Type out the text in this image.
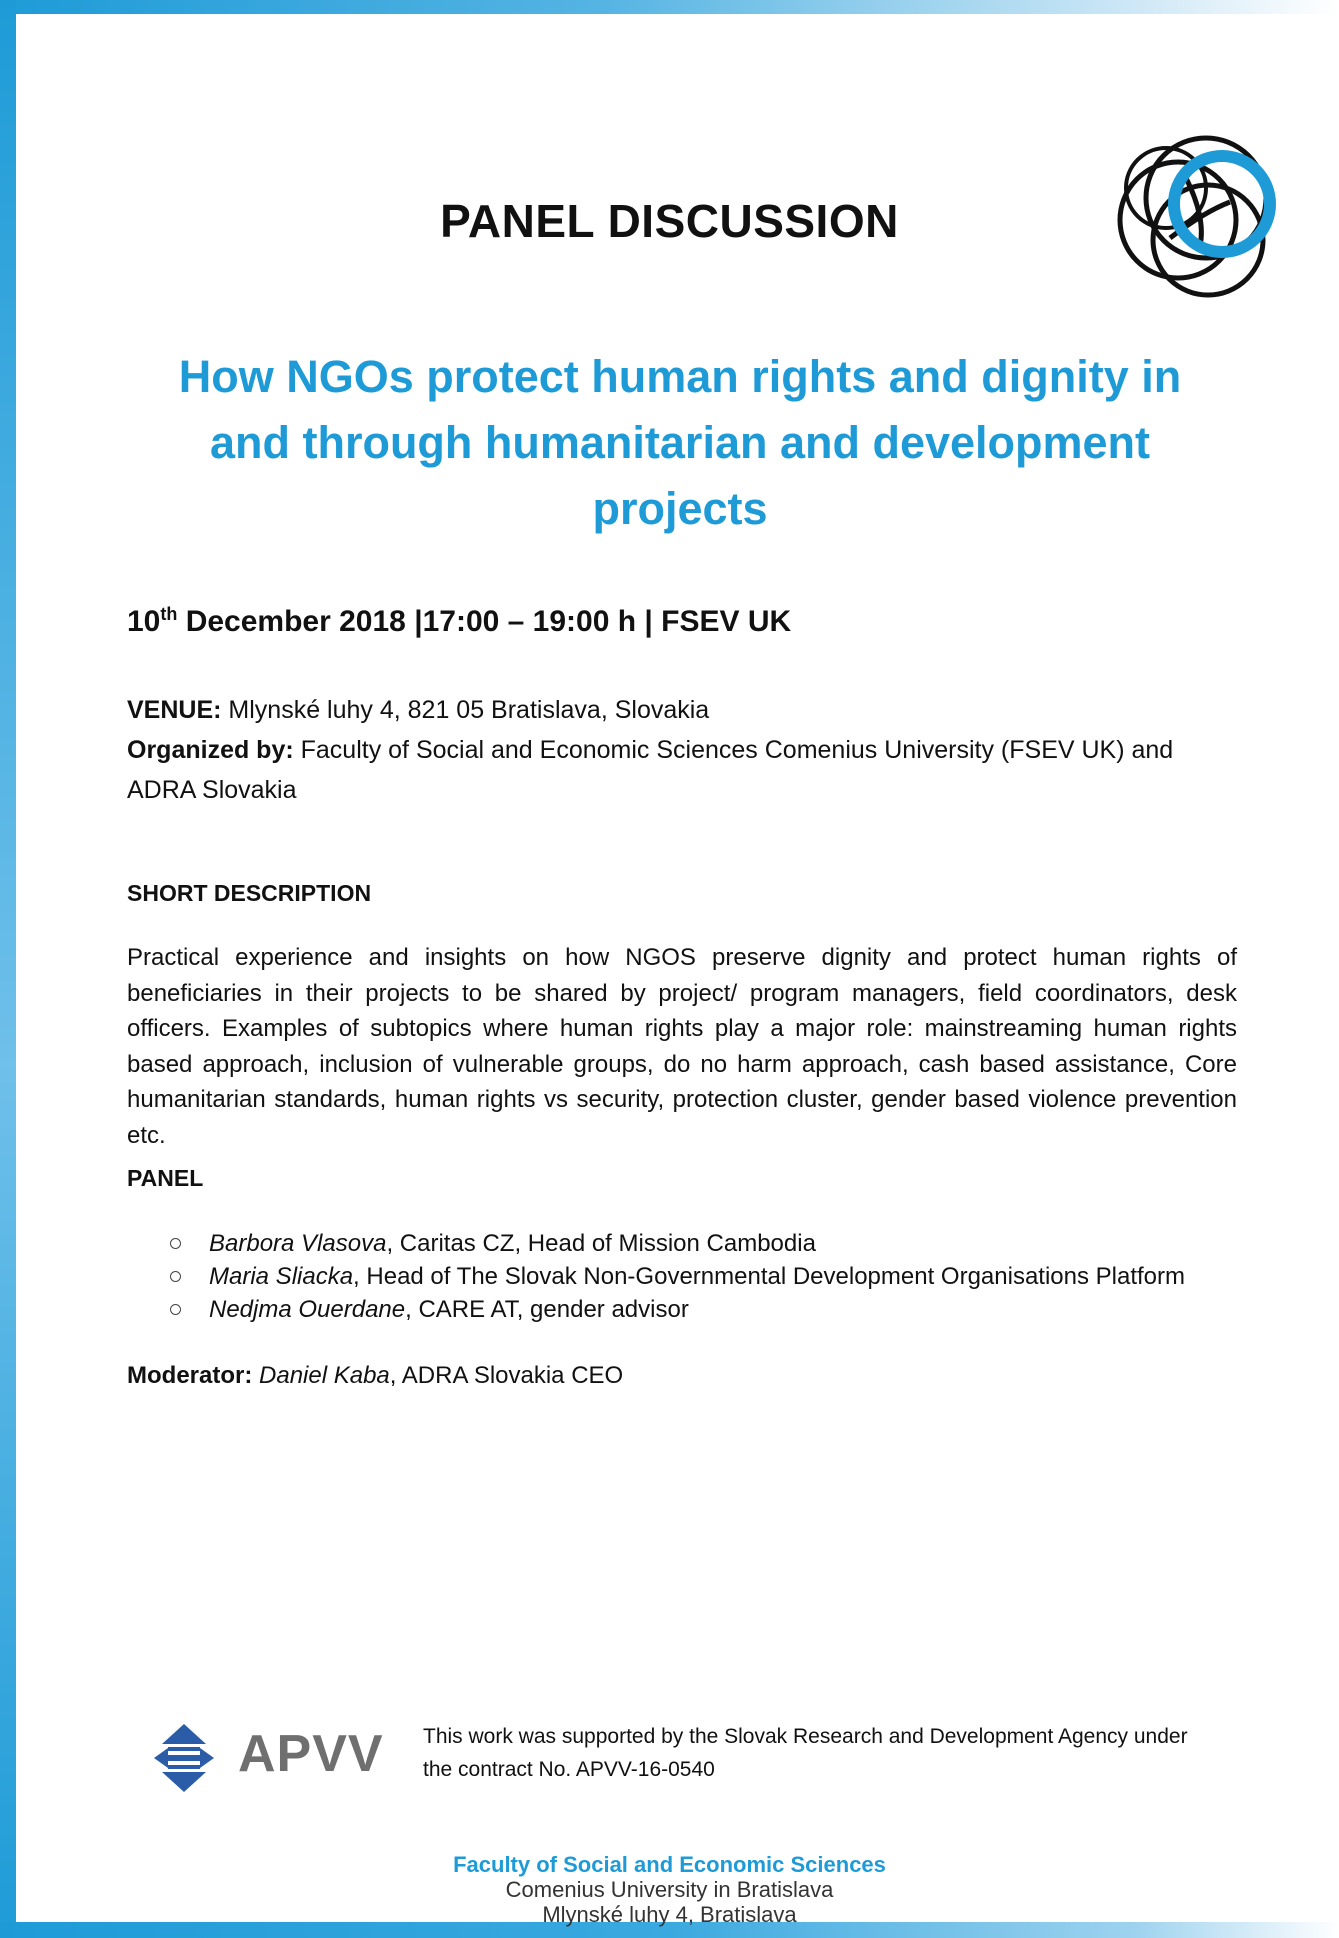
PANEL DISCUSSION
How NGOs protect human rights and dignity in
and through humanitarian and development
projects
10th December 2018 |17:00 – 19:00 h | FSEV UK
VENUE: Mlynské luhy 4, 821 05 Bratislava, Slovakia
Organized by: Faculty of Social and Economic Sciences Comenius University (FSEV UK) and
ADRA Slovakia
SHORT DESCRIPTION
Practical experience and insights on how NGOS preserve dignity and protect human rights of beneficiaries in their projects to be shared by project/ program managers, field coordinators, desk officers. Examples of subtopics where human rights play a major role: mainstreaming human rights based approach, inclusion of vulnerable groups, do no harm approach, cash based assistance, Core humanitarian standards, human rights vs security, protection cluster, gender based violence prevention etc.
PANEL
Barbora Vlasova , Caritas CZ, Head of Mission Cambodia
Maria Sliacka , Head of The Slovak Non-Governmental Development Organisations Platform
Nedjma Ouerdane , CARE AT, gender advisor
Moderator: Daniel Kaba, ADRA Slovakia CEO
APVV This work was supported by the Slovak Research and Development Agency under
the contract No. APVV-16-0540
Faculty of Social and Economic Sciences
Comenius University in Bratislava
Mlynské luhy 4, Bratislava
